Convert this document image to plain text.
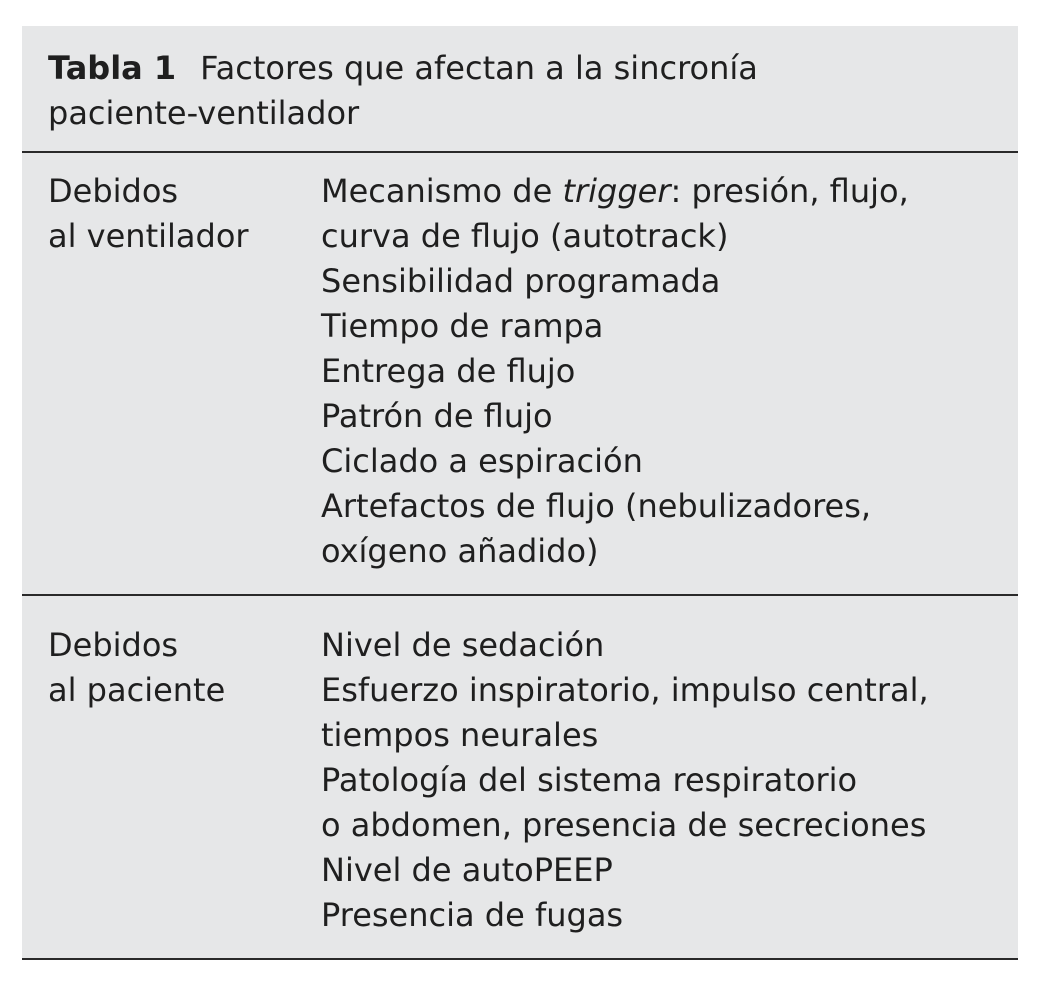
Tabla 1 Factores que afectan a la sincronía
paciente-ventilador
Debidos
al ventilador
Mecanismo de trigger: presión, flujo,
curva de flujo (autotrack)
Sensibilidad programada
Tiempo de rampa
Entrega de flujo
Patrón de flujo
Ciclado a espiración
Artefactos de flujo (nebulizadores,
oxígeno añadido)
Debidos
al paciente
Nivel de sedación
Esfuerzo inspiratorio, impulso central,
tiempos neurales
Patología del sistema respiratorio
o abdomen, presencia de secreciones
Nivel de autoPEEP
Presencia de fugas
